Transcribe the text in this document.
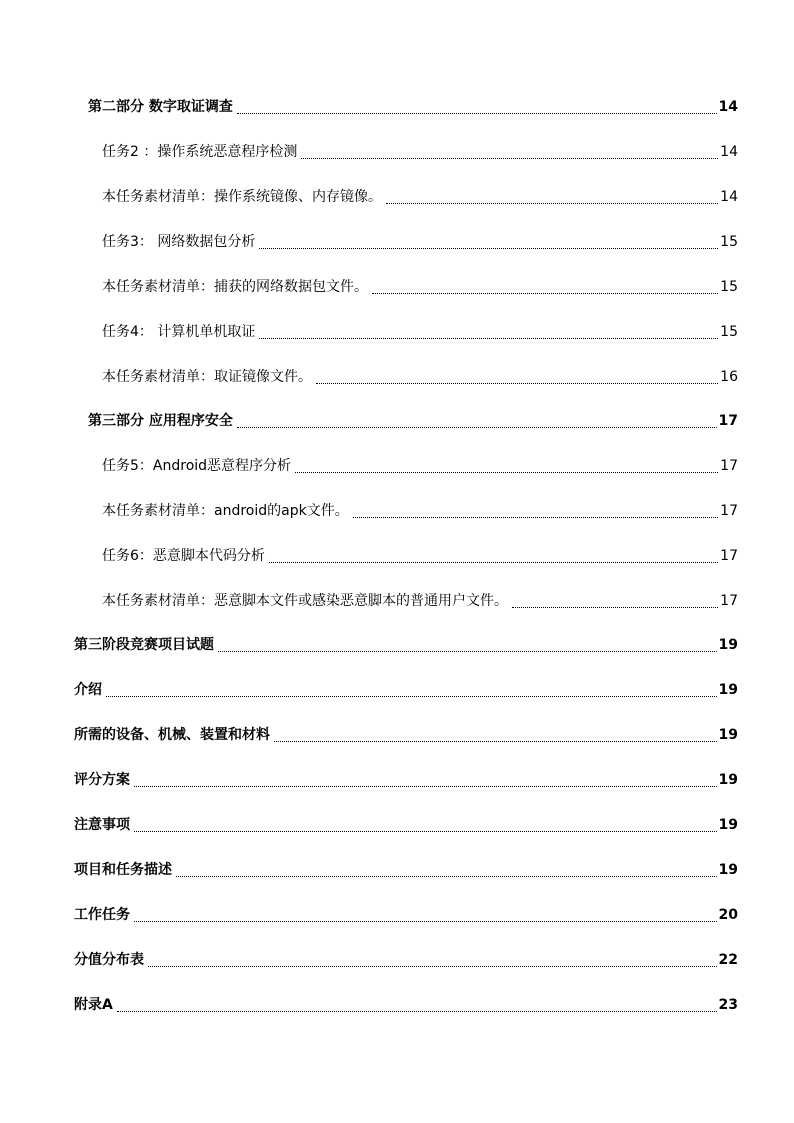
第二部分 数字取证调查	14
任务2 ：操作系统恶意程序检测	14
本任务素材清单：操作系统镜像、内存镜像。	14
任务3： 网络数据包分析	15
本任务素材清单：捕获的网络数据包文件。	15
任务4： 计算机单机取证	15
本任务素材清单：取证镜像文件。	16
第三部分 应用程序安全	17
任务5：Android恶意程序分析	17
本任务素材清单：android的apk文件。	17
任务6：恶意脚本代码分析	17
本任务素材清单：恶意脚本文件或感染恶意脚本的普通用户文件。	17
第三阶段竞赛项目试题	19
介绍	19
所需的设备、机械、装置和材料	19
评分方案	19
注意事项	19
项目和任务描述	19
工作任务	20
分值分布表	22
附录A	23
